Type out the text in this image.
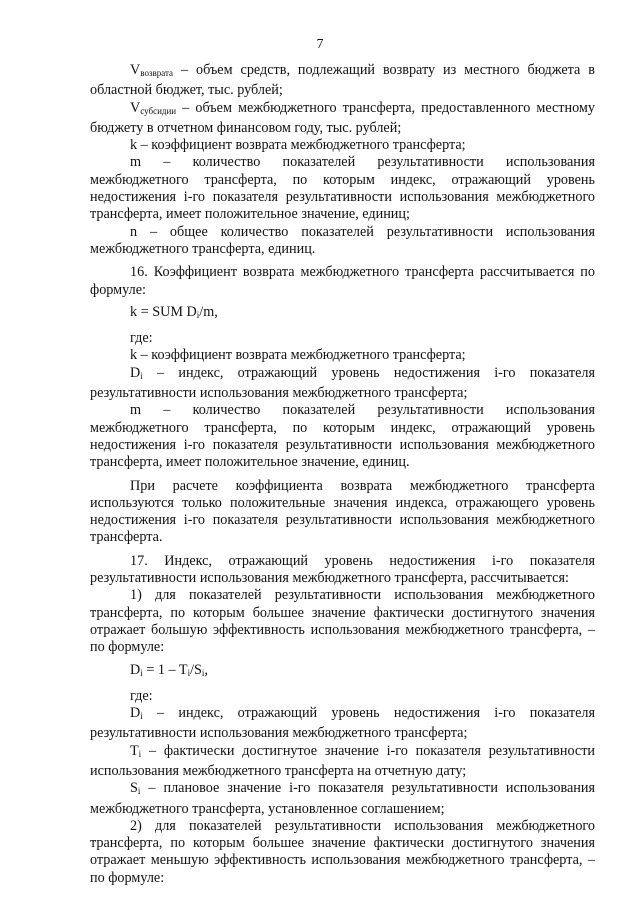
7

$V_{возврата}$ – объем средств, подлежащий возврату из местного бюджета в областной бюджет, тыс. рублей;

$V_{субсидии}$ – объем межбюджетного трансферта, предоставленного местному бюджету в отчетном финансовом году, тыс. рублей;

k – коэффициент возврата межбюджетного трансферта;

m – количество показателей результативности использования межбюджетного трансферта, по которым индекс, отражающий уровень недостижения i-го показателя результативности использования межбюджетного трансферта, имеет положительное значение, единиц;

n – общее количество показателей результативности использования межбюджетного трансферта, единиц.

16. Коэффициент возврата межбюджетного трансферта рассчитывается по формуле:

k = SUM $D_i/m$,

где:

k – коэффициент возврата межбюджетного трансферта;

$D_i$ – индекс, отражающий уровень недостижения i-го показателя результативности использования межбюджетного трансферта;

m – количество показателей результативности использования межбюджетного трансферта, по которым индекс, отражающий уровень недостижения i-го показателя результативности использования межбюджетного трансферта, имеет положительное значение, единиц.

При расчете коэффициента возврата межбюджетного трансферта используются только положительные значения индекса, отражающего уровень недостижения i-го показателя результативности использования межбюджетного трансферта.

17. Индекс, отражающий уровень недостижения i-го показателя результативности использования межбюджетного трансферта, рассчитывается:

1) для показателей результативности использования межбюджетного трансферта, по которым большее значение фактически достигнутого значения отражает большую эффективность использования межбюджетного трансферта, – по формуле:

$D_i = 1 - T_i/S_i$,

где:

$D_i$ – индекс, отражающий уровень недостижения i-го показателя результативности использования межбюджетного трансферта;

$T_i$ – фактически достигнутое значение i-го показателя результативности использования межбюджетного трансферта на отчетную дату;

$S_i$ – плановое значение i-го показателя результативности использования межбюджетного трансферта, установленное соглашением;

2) для показателей результативности использования межбюджетного трансферта, по которым большее значение фактически достигнутого значения отражает меньшую эффективность использования межбюджетного трансферта, – по формуле:
